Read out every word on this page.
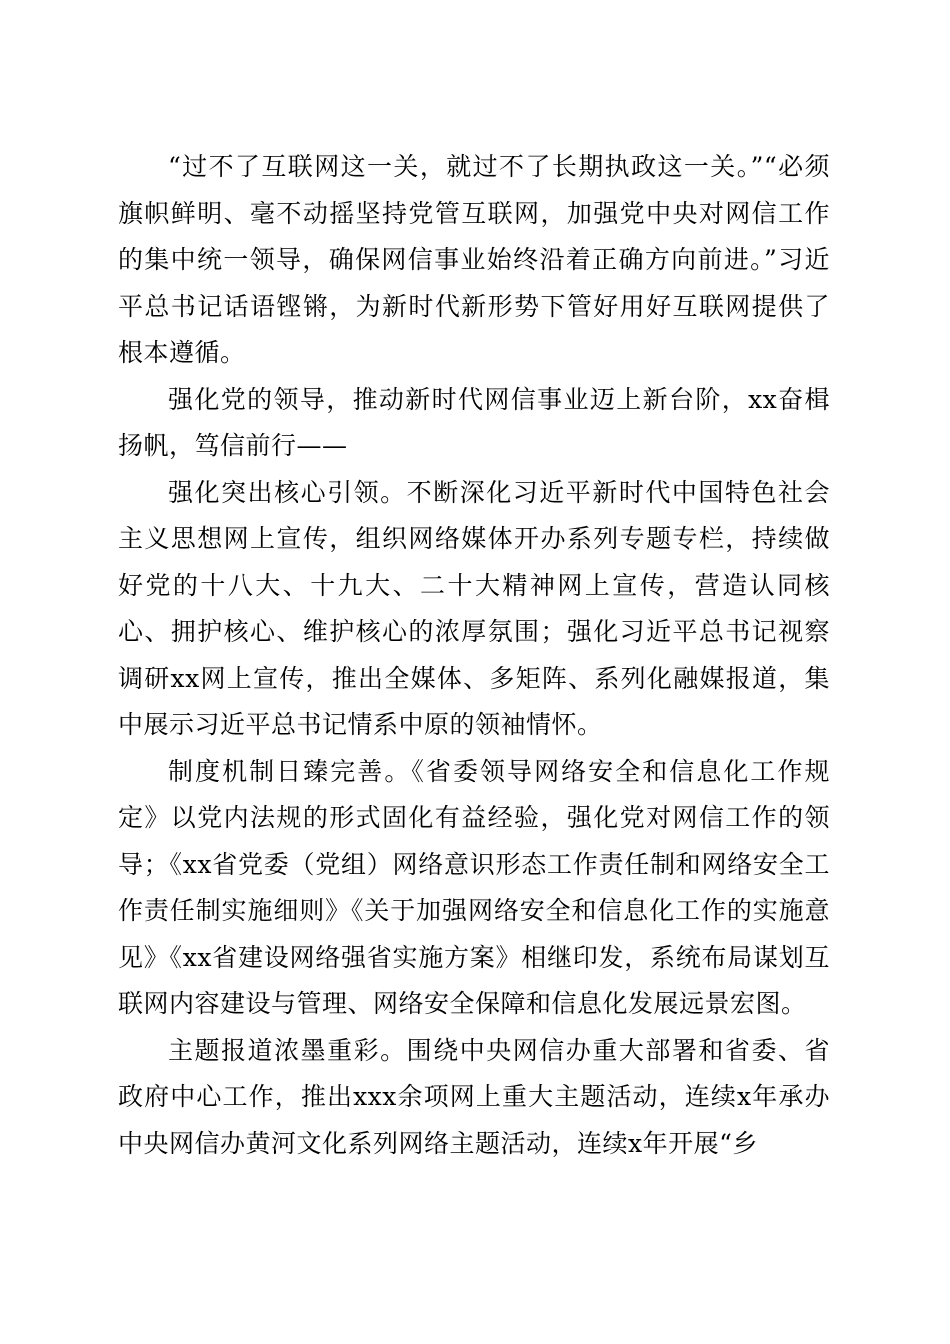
“过不了互联网这一关，就过不了长期执政这一关。”“必须旗帜鲜明、毫不动摇坚持党管互联网，加强党中央对网信工作的集中统一领导，确保网信事业始终沿着正确方向前进。”习近平总书记话语铿锵，为新时代新形势下管好用好互联网提供了根本遵循。

强化党的领导，推动新时代网信事业迈上新台阶，xx奋楫扬帆，笃信前行——

强化突出核心引领。不断深化习近平新时代中国特色社会主义思想网上宣传，组织网络媒体开办系列专题专栏，持续做好党的十八大、十九大、二十大精神网上宣传，营造认同核心、拥护核心、维护核心的浓厚氛围；强化习近平总书记视察调研xx网上宣传，推出全媒体、多矩阵、系列化融媒报道，集中展示习近平总书记情系中原的领袖情怀。

制度机制日臻完善。《省委领导网络安全和信息化工作规定》以党内法规的形式固化有益经验，强化党对网信工作的领导；《xx省党委（党组）网络意识形态工作责任制和网络安全工作责任制实施细则》《关于加强网络安全和信息化工作的实施意见》《xx省建设网络强省实施方案》相继印发，系统布局谋划互联网内容建设与管理、网络安全保障和信息化发展远景宏图。

主题报道浓墨重彩。围绕中央网信办重大部署和省委、省政府中心工作，推出xxx余项网上重大主题活动，连续x年承办中央网信办黄河文化系列网络主题活动，连续x年开展“乡
